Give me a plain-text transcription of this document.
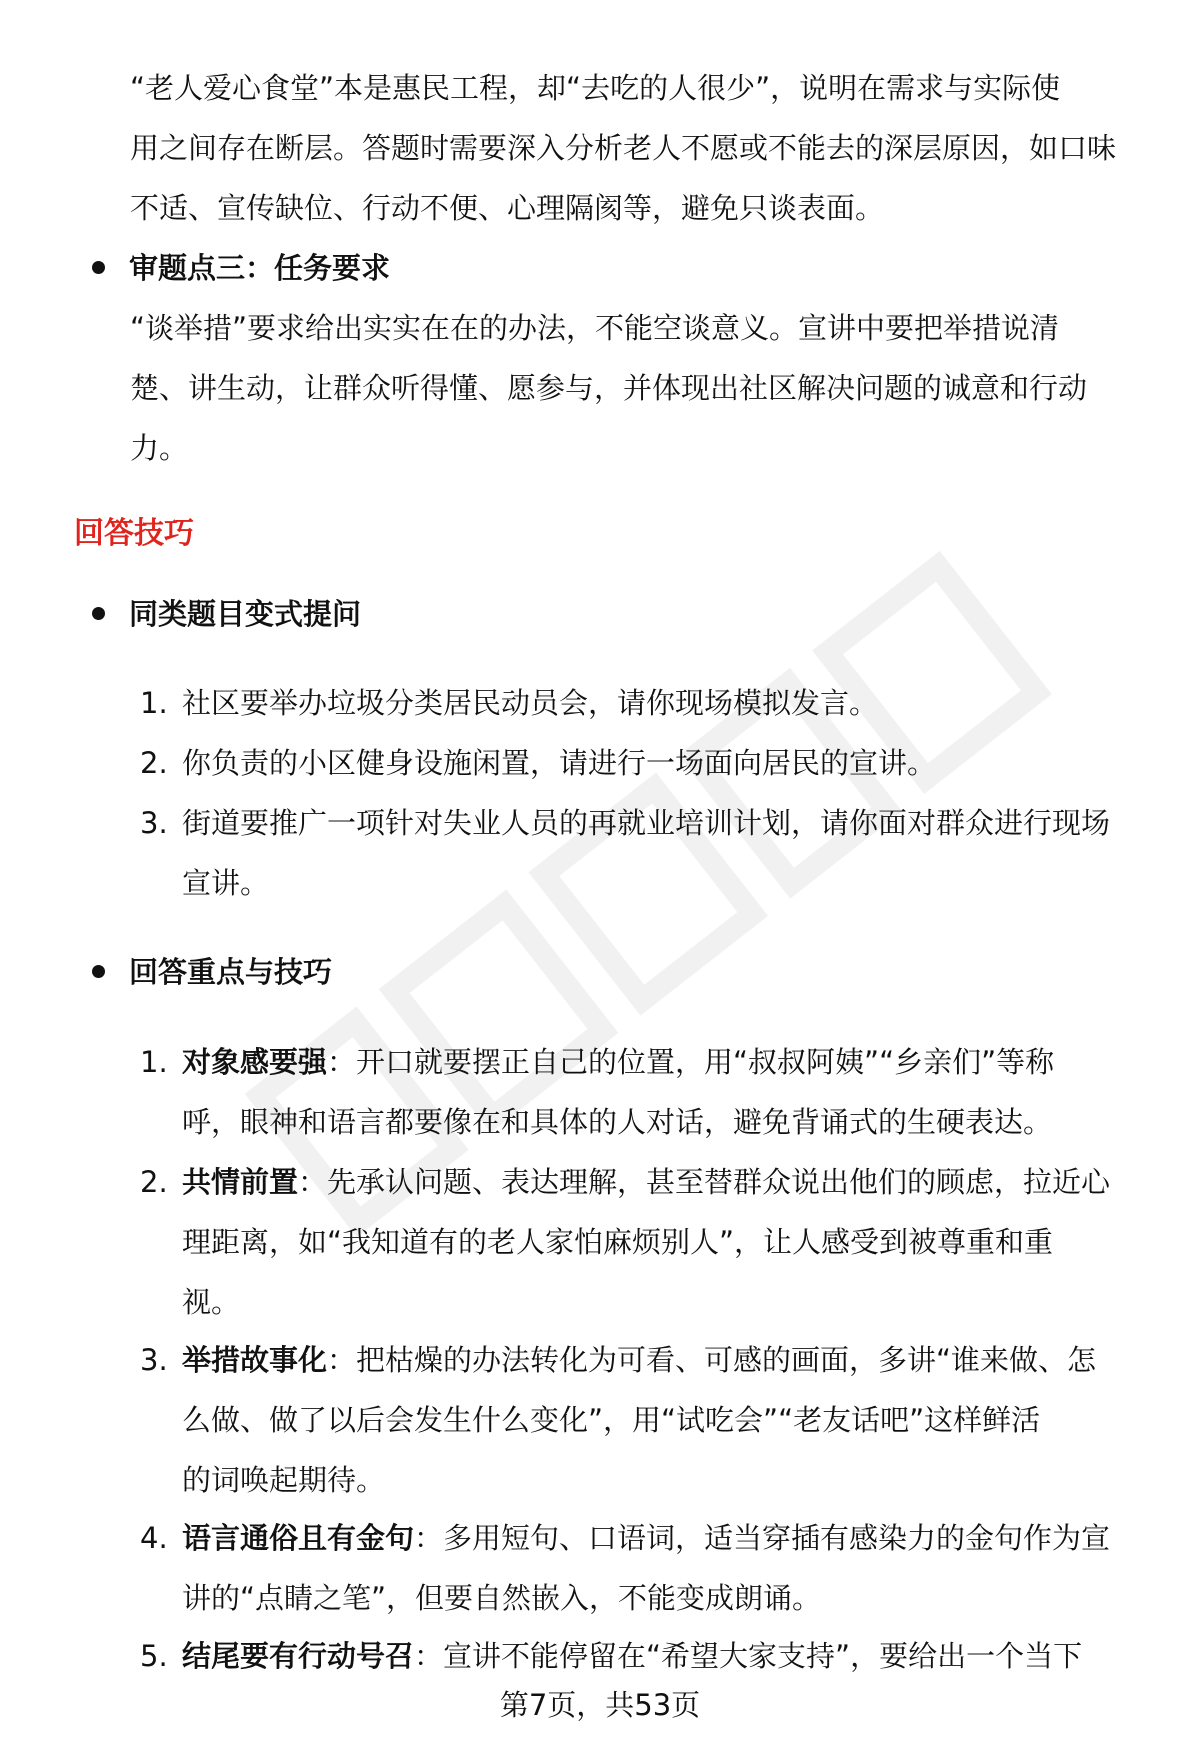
“老人爱心食堂”本是惠民工程，却“去吃的人很少”，说明在需求与实际使
用之间存在断层。答题时需要深入分析老人不愿或不能去的深层原因，如口味
不适、宣传缺位、行动不便、心理隔阂等，避免只谈表面。
审题点三：任务要求
“谈举措”要求给出实实在在的办法，不能空谈意义。宣讲中要把举措说清
楚、讲生动，让群众听得懂、愿参与，并体现出社区解决问题的诚意和行动
力。
回答技巧
同类题目变式提问
1. 社区要举办垃圾分类居民动员会，请你现场模拟发言。
2. 你负责的小区健身设施闲置，请进行一场面向居民的宣讲。
3. 街道要推广一项针对失业人员的再就业培训计划，请你面对群众进行现场
宣讲。
回答重点与技巧
1. 对象感要强：开口就要摆正自己的位置，用“叔叔阿姨”“乡亲们”等称
呼，眼神和语言都要像在和具体的人对话，避免背诵式的生硬表达。
2. 共情前置：先承认问题、表达理解，甚至替群众说出他们的顾虑，拉近心
理距离，如“我知道有的老人家怕麻烦别人”，让人感受到被尊重和重
视。
3. 举措故事化：把枯燥的办法转化为可看、可感的画面，多讲“谁来做、怎
么做、做了以后会发生什么变化”，用“试吃会”“老友话吧”这样鲜活
的词唤起期待。
4. 语言通俗且有金句：多用短句、口语词，适当穿插有感染力的金句作为宣
讲的“点睛之笔”，但要自然嵌入，不能变成朗诵。
5. 结尾要有行动号召：宣讲不能停留在“希望大家支持”，要给出一个当下
第7页，共53页
